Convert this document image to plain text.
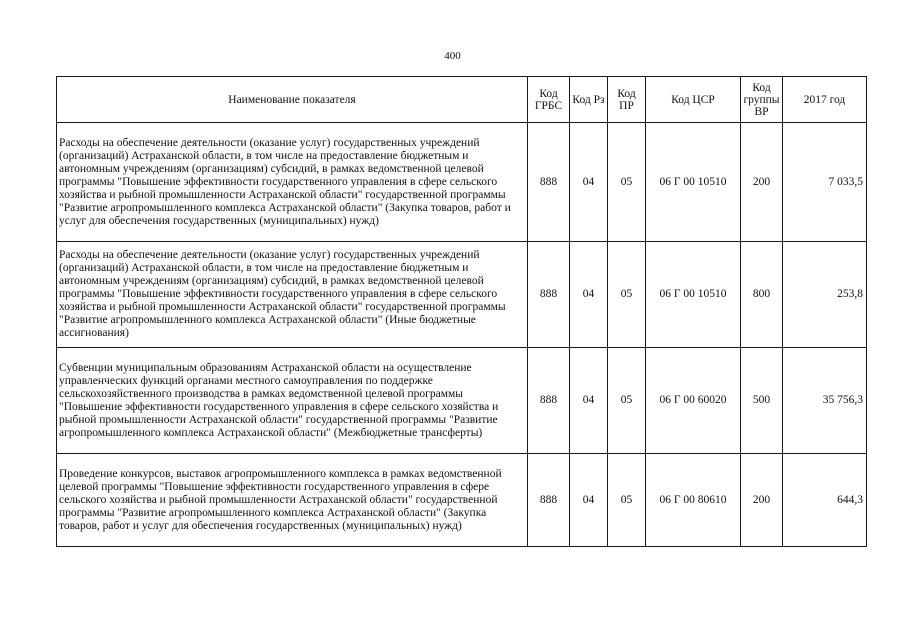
400
Наименование показателя	Код ГРБС	Код Рз	Код ПР	Код ЦСР	Код группы ВР	2017 год
Расходы на обеспечение деятельности (оказание услуг) государственных учреждений (организаций) Астраханской области, в том числе на предоставление бюджетным и автономным учреждениям (организациям) субсидий, в рамках ведомственной целевой программы "Повышение эффективности государственного управления в сфере сельского хозяйства и рыбной промышленности Астраханской области" государственной программы "Развитие агропромышленного комплекса Астраханской области" (Закупка товаров, работ и услуг для обеспечения государственных (муниципальных) нужд)	888	04	05	06 Г 00 10510	200	7 033,5
Расходы на обеспечение деятельности (оказание услуг) государственных учреждений (организаций) Астраханской области, в том числе на предоставление бюджетным и автономным учреждениям (организациям) субсидий, в рамках ведомственной целевой программы "Повышение эффективности государственного управления в сфере сельского хозяйства и рыбной промышленности Астраханской области" государственной программы "Развитие агропромышленного комплекса Астраханской области" (Иные бюджетные ассигнования)	888	04	05	06 Г 00 10510	800	253,8
Субвенции муниципальным образованиям Астраханской области на осуществление управленческих функций органами местного самоуправления по поддержке сельскохозяйственного производства в рамках ведомственной целевой программы "Повышение эффективности государственного управления в сфере сельского хозяйства и рыбной промышленности Астраханской области" государственной программы "Развитие агропромышленного комплекса Астраханской области" (Межбюджетные трансферты)	888	04	05	06 Г 00 60020	500	35 756,3
Проведение конкурсов, выставок агропромышленного комплекса в рамках ведомственной целевой программы "Повышение эффективности государственного управления в сфере сельского хозяйства и рыбной промышленности Астраханской области" государственной программы "Развитие агропромышленного комплекса Астраханской области" (Закупка товаров, работ и услуг для обеспечения государственных (муниципальных) нужд)	888	04	05	06 Г 00 80610	200	644,3
